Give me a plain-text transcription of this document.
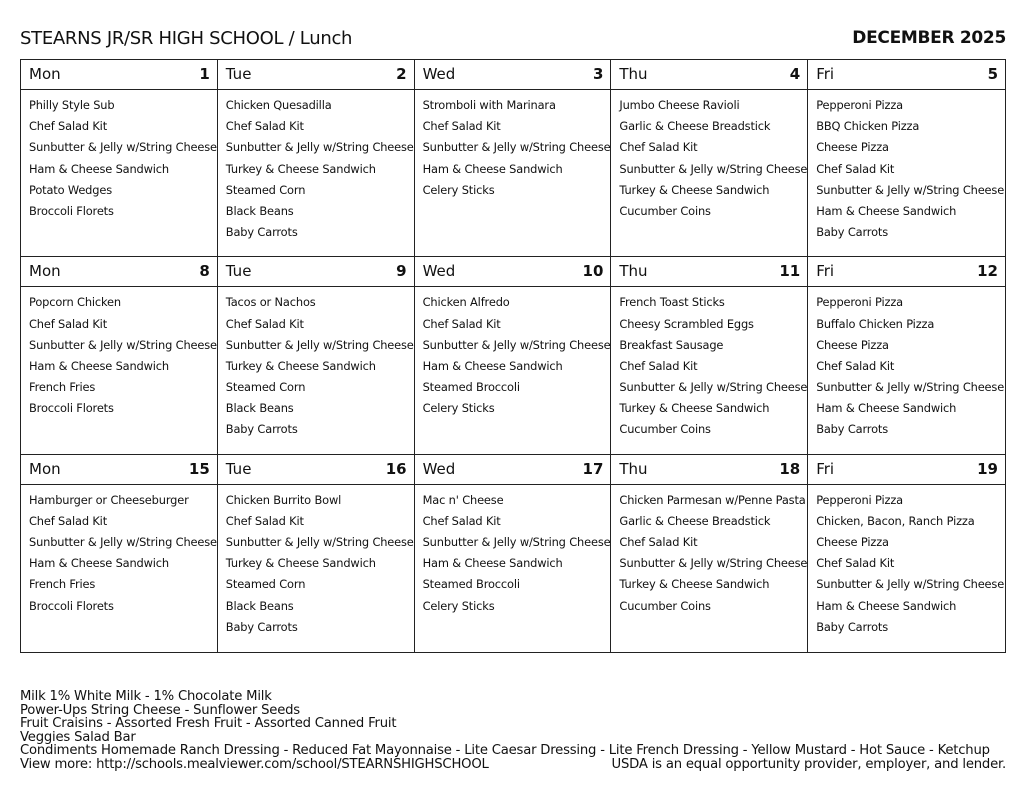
STEARNS JR/SR HIGH SCHOOL / Lunch	DECEMBER 2025
Mon	1
Philly Style Sub
Chef Salad Kit
Sunbutter & Jelly w/String Cheese
Ham & Cheese Sandwich
Potato Wedges
Broccoli Florets
Tue	2
Chicken Quesadilla
Chef Salad Kit
Sunbutter & Jelly w/String Cheese
Turkey & Cheese Sandwich
Steamed Corn
Black Beans
Baby Carrots
Wed	3
Stromboli with Marinara
Chef Salad Kit
Sunbutter & Jelly w/String Cheese
Ham & Cheese Sandwich
Celery Sticks
Thu	4
Jumbo Cheese Ravioli
Garlic & Cheese Breadstick
Chef Salad Kit
Sunbutter & Jelly w/String Cheese
Turkey & Cheese Sandwich
Cucumber Coins
Fri	5
Pepperoni Pizza
BBQ Chicken Pizza
Cheese Pizza
Chef Salad Kit
Sunbutter & Jelly w/String Cheese
Ham & Cheese Sandwich
Baby Carrots
Mon	8
Popcorn Chicken
Chef Salad Kit
Sunbutter & Jelly w/String Cheese
Ham & Cheese Sandwich
French Fries
Broccoli Florets
Tue	9
Tacos or Nachos
Chef Salad Kit
Sunbutter & Jelly w/String Cheese
Turkey & Cheese Sandwich
Steamed Corn
Black Beans
Baby Carrots
Wed	10
Chicken Alfredo
Chef Salad Kit
Sunbutter & Jelly w/String Cheese
Ham & Cheese Sandwich
Steamed Broccoli
Celery Sticks
Thu	11
French Toast Sticks
Cheesy Scrambled Eggs
Breakfast Sausage
Chef Salad Kit
Sunbutter & Jelly w/String Cheese
Turkey & Cheese Sandwich
Cucumber Coins
Fri	12
Pepperoni Pizza
Buffalo Chicken Pizza
Cheese Pizza
Chef Salad Kit
Sunbutter & Jelly w/String Cheese
Ham & Cheese Sandwich
Baby Carrots
Mon	15
Hamburger or Cheeseburger
Chef Salad Kit
Sunbutter & Jelly w/String Cheese
Ham & Cheese Sandwich
French Fries
Broccoli Florets
Tue	16
Chicken Burrito Bowl
Chef Salad Kit
Sunbutter & Jelly w/String Cheese
Turkey & Cheese Sandwich
Steamed Corn
Black Beans
Baby Carrots
Wed	17
Mac n' Cheese
Chef Salad Kit
Sunbutter & Jelly w/String Cheese
Ham & Cheese Sandwich
Steamed Broccoli
Celery Sticks
Thu	18
Chicken Parmesan w/Penne Pasta
Garlic & Cheese Breadstick
Chef Salad Kit
Sunbutter & Jelly w/String Cheese
Turkey & Cheese Sandwich
Cucumber Coins
Fri	19
Pepperoni Pizza
Chicken, Bacon, Ranch Pizza
Cheese Pizza
Chef Salad Kit
Sunbutter & Jelly w/String Cheese
Ham & Cheese Sandwich
Baby Carrots
Milk 1% White Milk - 1% Chocolate Milk
Power-Ups String Cheese - Sunflower Seeds
Fruit Craisins - Assorted Fresh Fruit - Assorted Canned Fruit
Veggies Salad Bar
Condiments Homemade Ranch Dressing - Reduced Fat Mayonnaise - Lite Caesar Dressing - Lite French Dressing - Yellow Mustard - Hot Sauce - Ketchup
View more: http://schools.mealviewer.com/school/STEARNSHIGHSCHOOL	USDA is an equal opportunity provider, employer, and lender.
